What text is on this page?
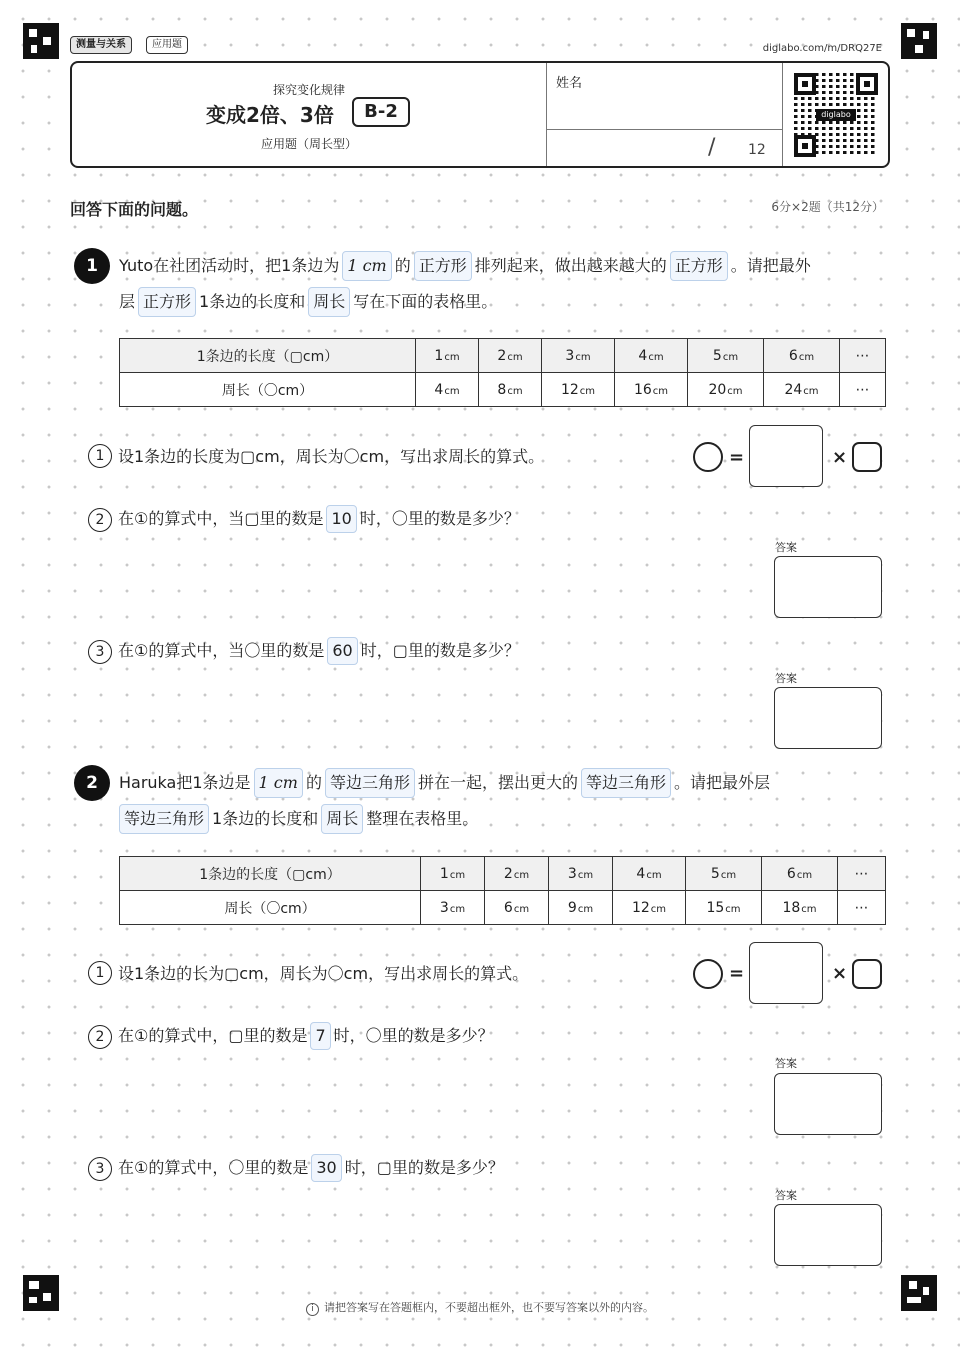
测量与关系	应用题	diglabo.com/m/DRQ27E
探究变化规律
变成2倍、3倍	B-2
应用题（周长型）
姓名
/ 12
diglabo
回答下面的问题。	6分×2题（共12分）
1	Yuto在社团活动时，把1条边为 1 cm 的 正方形 排列起来，做出越来越大的 正方形 。请把最外
层 正方形 1条边的长度和 周长 写在下面的表格里。
1条边的长度（▢cm）	1cm	2cm	3cm	4cm	5cm	6cm	⋯
周长（〇cm）	4cm	8cm	12cm	16cm	20cm	24cm	⋯
1 设1条边的长度为▢cm，周长为〇cm，写出求周长的算式。	=	×
2 在①的算式中，当▢里的数是 10 时，〇里的数是多少？
答案
3 在①的算式中，当〇里的数是 60 时，▢里的数是多少？
答案
2	Haruka把1条边是 1 cm 的 等边三角形 拼在一起，摆出更大的 等边三角形 。请把最外层
等边三角形 1条边的长度和 周长 整理在表格里。
1条边的长度（▢cm）	1cm	2cm	3cm	4cm	5cm	6cm	⋯
周长（〇cm）	3cm	6cm	9cm	12cm	15cm	18cm	⋯
1 设1条边的长为▢cm，周长为〇cm，写出求周长的算式。	=	×
2 在①的算式中，▢里的数是 7 时，〇里的数是多少？
答案
3 在①的算式中，〇里的数是 30 时，▢里的数是多少？
答案
i 请把答案写在答题框内，不要超出框外，也不要写答案以外的内容。
